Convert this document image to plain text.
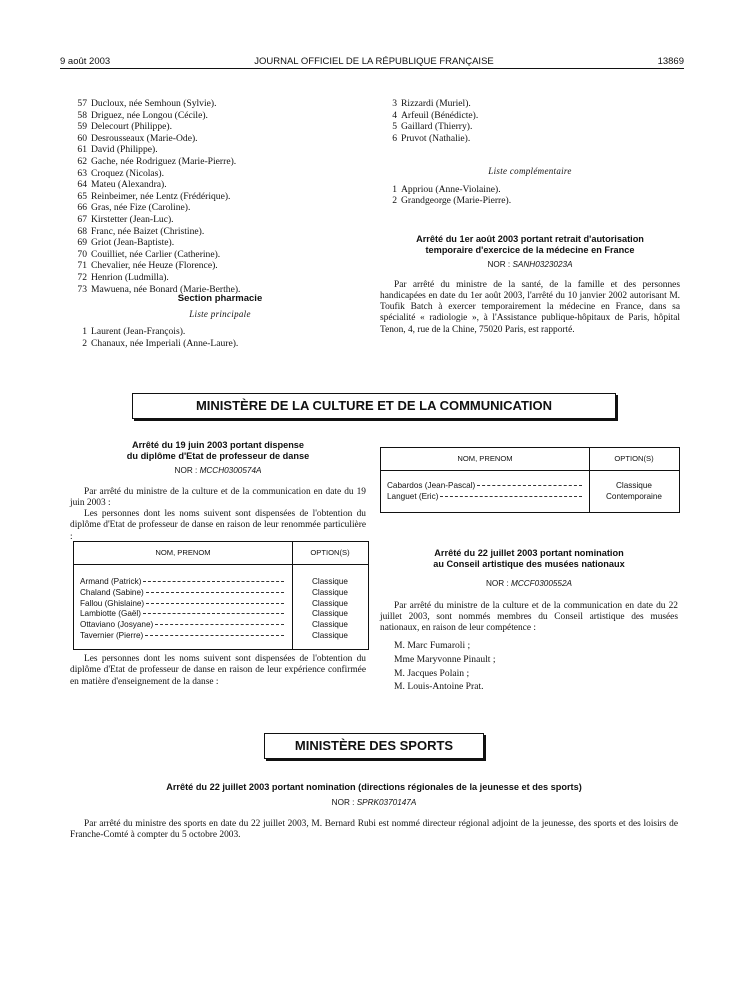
9 août 2003	JOURNAL OFFICIEL DE LA RÉPUBLIQUE FRANÇAISE	13869
57 Ducloux, née Semhoun (Sylvie).
58 Driguez, née Longou (Cécile).
59 Delecourt (Philippe).
60 Desrousseaux (Marie-Ode).
61 David (Philippe).
62 Gache, née Rodriguez (Marie-Pierre).
63 Croquez (Nicolas).
64 Mateu (Alexandra).
65 Reinbeimer, née Lentz (Frédérique).
66 Gras, née Fize (Caroline).
67 Kirstetter (Jean-Luc).
68 Franc, née Baizet (Christine).
69 Griot (Jean-Baptiste).
70 Couilliet, née Carlier (Catherine).
71 Chevalier, née Heuze (Florence).
72 Henrion (Ludmilla).
73 Mawuena, née Bonard (Marie-Berthe).
Section pharmacie
Liste principale
1 Laurent (Jean-François).
2 Chanaux, née Imperiali (Anne-Laure).
3 Rizzardi (Muriel).
4 Arfeuil (Bénédicte).
5 Gaillard (Thierry).
6 Pruvot (Nathalie).
Liste complémentaire
1 Appriou (Anne-Violaine).
2 Grandgeorge (Marie-Pierre).
Arrêté du 1er août 2003 portant retrait d'autorisation
temporaire d'exercice de la médecine en France
NOR : SANH0323023A
Par arrêté du ministre de la santé, de la famille et des personnes handicapées en date du 1er août 2003, l'arrêté du 10 janvier 2002 autorisant M. Toufik Batch à exercer temporairement la médecine en France, dans sa spécialité « radiologie », à l'Assistance publique-hôpitaux de Paris, hôpital Tenon, 4, rue de la Chine, 75020 Paris, est rapporté.
MINISTÈRE DE LA CULTURE ET DE LA COMMUNICATION
Arrêté du 19 juin 2003 portant dispense
du diplôme d'Etat de professeur de danse
NOR : MCCH0300574A
Par arrêté du ministre de la culture et de la communication en date du 19 juin 2003 :
Les personnes dont les noms suivent sont dispensées de l'obtention du diplôme d'Etat de professeur de danse en raison de leur renommée particulière :
NOM, PRENOM	OPTION(S)
Armand (Patrick)	Classique
Chaland (Sabine)	Classique
Fallou (Ghislaine)	Classique
Lambiotte (Gaël)	Classique
Ottaviano (Josyane)	Classique
Tavernier (Pierre)	Classique
Les personnes dont les noms suivent sont dispensées de l'obtention du diplôme d'Etat de professeur de danse en raison de leur expérience confirmée en matière d'enseignement de la danse :
NOM, PRENOM	OPTION(S)
Cabardos (Jean-Pascal)	Classique
Languet (Eric)	Contemporaine
Arrêté du 22 juillet 2003 portant nomination
au Conseil artistique des musées nationaux
NOR : MCCF0300552A
Par arrêté du ministre de la culture et de la communication en date du 22 juillet 2003, sont nommés membres du Conseil artistique des musées nationaux, en raison de leur compétence :
M. Marc Fumaroli ;
Mme Maryvonne Pinault ;
M. Jacques Polain ;
M. Louis-Antoine Prat.
MINISTÈRE DES SPORTS
Arrêté du 22 juillet 2003 portant nomination (directions régionales de la jeunesse et des sports)
NOR : SPRK0370147A
Par arrêté du ministre des sports en date du 22 juillet 2003, M. Bernard Rubi est nommé directeur régional adjoint de la jeunesse, des sports et des loisirs de Franche-Comté à compter du 5 octobre 2003.
